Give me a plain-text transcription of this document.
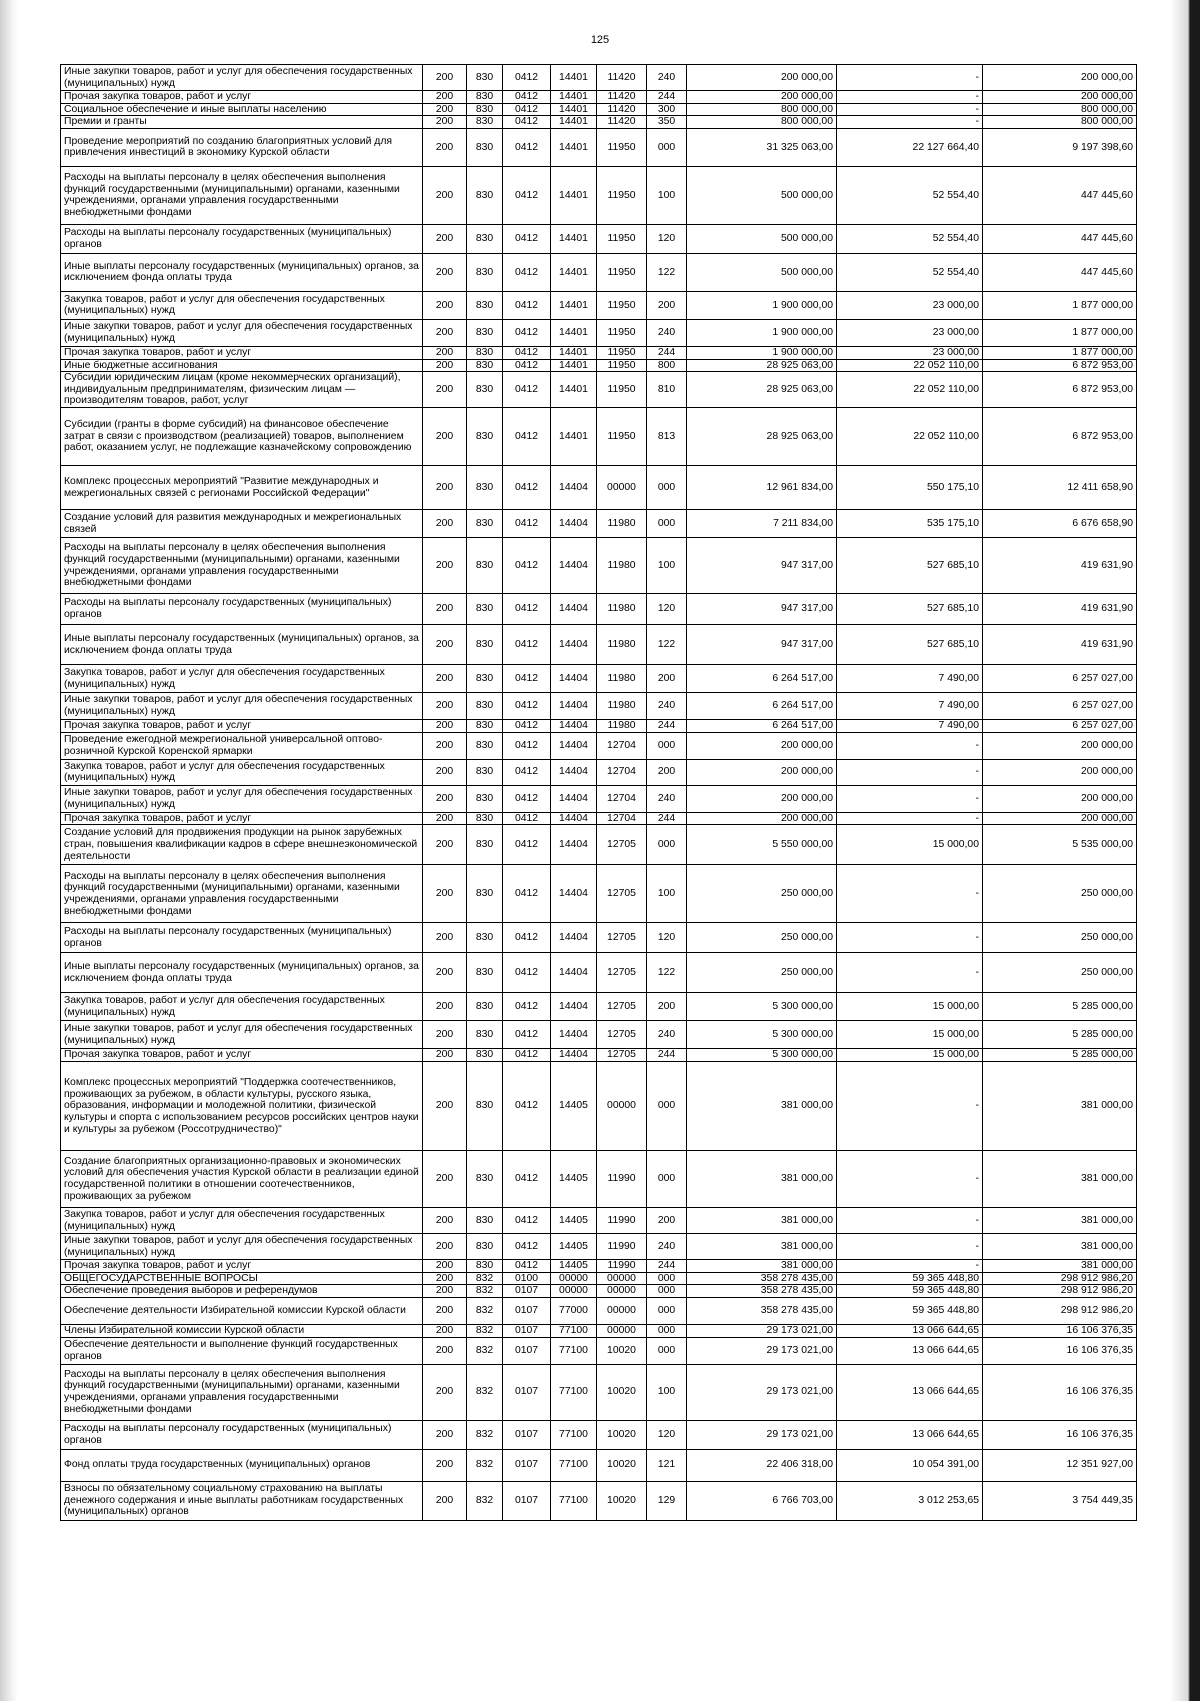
125
Иные закупки товаров, работ и услуг для обеспечения государственных (муниципальных) нужд	200	830	0412	14401	11420	240	200 000,00	-	200 000,00
Прочая закупка товаров, работ и услуг	200	830	0412	14401	11420	244	200 000,00	-	200 000,00
Социальное обеспечение и иные выплаты населению	200	830	0412	14401	11420	300	800 000,00	-	800 000,00
Премии и гранты	200	830	0412	14401	11420	350	800 000,00	-	800 000,00
Проведение мероприятий по созданию благоприятных условий для привлечения инвестиций в экономику Курской области	200	830	0412	14401	11950	000	31 325 063,00	22 127 664,40	9 197 398,60
Расходы на выплаты персоналу в целях обеспечения выполнения функций государственными (муниципальными) органами, казенными учреждениями, органами управления государственными внебюджетными фондами	200	830	0412	14401	11950	100	500 000,00	52 554,40	447 445,60
Расходы на выплаты персоналу государственных (муниципальных) органов	200	830	0412	14401	11950	120	500 000,00	52 554,40	447 445,60
Иные выплаты персоналу государственных (муниципальных) органов, за исключением фонда оплаты труда	200	830	0412	14401	11950	122	500 000,00	52 554,40	447 445,60
Закупка товаров, работ и услуг для обеспечения государственных (муниципальных) нужд	200	830	0412	14401	11950	200	1 900 000,00	23 000,00	1 877 000,00
Иные закупки товаров, работ и услуг для обеспечения государственных (муниципальных) нужд	200	830	0412	14401	11950	240	1 900 000,00	23 000,00	1 877 000,00
Прочая закупка товаров, работ и услуг	200	830	0412	14401	11950	244	1 900 000,00	23 000,00	1 877 000,00
Иные бюджетные ассигнования	200	830	0412	14401	11950	800	28 925 063,00	22 052 110,00	6 872 953,00
Субсидии юридическим лицам (кроме некоммерческих организаций), индивидуальным предпринимателям, физическим лицам — производителям товаров, работ, услуг	200	830	0412	14401	11950	810	28 925 063,00	22 052 110,00	6 872 953,00
Субсидии (гранты в форме субсидий) на финансовое обеспечение затрат в связи с производством (реализацией) товаров, выполнением работ, оказанием услуг, не подлежащие казначейскому сопровождению	200	830	0412	14401	11950	813	28 925 063,00	22 052 110,00	6 872 953,00
Комплекс процессных мероприятий "Развитие международных и межрегиональных связей с регионами Российской Федерации"	200	830	0412	14404	00000	000	12 961 834,00	550 175,10	12 411 658,90
Создание условий для развития международных и межрегиональных связей	200	830	0412	14404	11980	000	7 211 834,00	535 175,10	6 676 658,90
Расходы на выплаты персоналу в целях обеспечения выполнения функций государственными (муниципальными) органами, казенными учреждениями, органами управления государственными внебюджетными фондами	200	830	0412	14404	11980	100	947 317,00	527 685,10	419 631,90
Расходы на выплаты персоналу государственных (муниципальных) органов	200	830	0412	14404	11980	120	947 317,00	527 685,10	419 631,90
Иные выплаты персоналу государственных (муниципальных) органов, за исключением фонда оплаты труда	200	830	0412	14404	11980	122	947 317,00	527 685,10	419 631,90
Закупка товаров, работ и услуг для обеспечения государственных (муниципальных) нужд	200	830	0412	14404	11980	200	6 264 517,00	7 490,00	6 257 027,00
Иные закупки товаров, работ и услуг для обеспечения государственных (муниципальных) нужд	200	830	0412	14404	11980	240	6 264 517,00	7 490,00	6 257 027,00
Прочая закупка товаров, работ и услуг	200	830	0412	14404	11980	244	6 264 517,00	7 490,00	6 257 027,00
Проведение ежегодной межрегиональной универсальной оптово-розничной Курской Коренской ярмарки	200	830	0412	14404	12704	000	200 000,00	-	200 000,00
Закупка товаров, работ и услуг для обеспечения государственных (муниципальных) нужд	200	830	0412	14404	12704	200	200 000,00	-	200 000,00
Иные закупки товаров, работ и услуг для обеспечения государственных (муниципальных) нужд	200	830	0412	14404	12704	240	200 000,00	-	200 000,00
Прочая закупка товаров, работ и услуг	200	830	0412	14404	12704	244	200 000,00	-	200 000,00
Создание условий для продвижения продукции на рынок зарубежных стран, повышения квалификации кадров в сфере внешнеэкономической деятельности	200	830	0412	14404	12705	000	5 550 000,00	15 000,00	5 535 000,00
Расходы на выплаты персоналу в целях обеспечения выполнения функций государственными (муниципальными) органами, казенными учреждениями, органами управления государственными внебюджетными фондами	200	830	0412	14404	12705	100	250 000,00	-	250 000,00
Расходы на выплаты персоналу государственных (муниципальных) органов	200	830	0412	14404	12705	120	250 000,00	-	250 000,00
Иные выплаты персоналу государственных (муниципальных) органов, за исключением фонда оплаты труда	200	830	0412	14404	12705	122	250 000,00	-	250 000,00
Закупка товаров, работ и услуг для обеспечения государственных (муниципальных) нужд	200	830	0412	14404	12705	200	5 300 000,00	15 000,00	5 285 000,00
Иные закупки товаров, работ и услуг для обеспечения государственных (муниципальных) нужд	200	830	0412	14404	12705	240	5 300 000,00	15 000,00	5 285 000,00
Прочая закупка товаров, работ и услуг	200	830	0412	14404	12705	244	5 300 000,00	15 000,00	5 285 000,00
Комплекс процессных мероприятий "Поддержка соотечественников, проживающих за рубежом, в области культуры, русского языка, образования, информации и молодежной политики, физической культуры и спорта с использованием ресурсов российских центров науки и культуры за рубежом (Россотрудничество)"	200	830	0412	14405	00000	000	381 000,00	-	381 000,00
Создание благоприятных организационно-правовых и экономических условий для обеспечения участия Курской области в реализации единой государственной политики в отношении соотечественников, проживающих за рубежом	200	830	0412	14405	11990	000	381 000,00	-	381 000,00
Закупка товаров, работ и услуг для обеспечения государственных (муниципальных) нужд	200	830	0412	14405	11990	200	381 000,00	-	381 000,00
Иные закупки товаров, работ и услуг для обеспечения государственных (муниципальных) нужд	200	830	0412	14405	11990	240	381 000,00	-	381 000,00
Прочая закупка товаров, работ и услуг	200	830	0412	14405	11990	244	381 000,00	-	381 000,00
ОБЩЕГОСУДАРСТВЕННЫЕ ВОПРОСЫ	200	832	0100	00000	00000	000	358 278 435,00	59 365 448,80	298 912 986,20
Обеспечение проведения выборов и референдумов	200	832	0107	00000	00000	000	358 278 435,00	59 365 448,80	298 912 986,20
Обеспечение деятельности Избирательной комиссии Курской области	200	832	0107	77000	00000	000	358 278 435,00	59 365 448,80	298 912 986,20
Члены Избирательной комиссии Курской области	200	832	0107	77100	00000	000	29 173 021,00	13 066 644,65	16 106 376,35
Обеспечение деятельности и выполнение функций государственных органов	200	832	0107	77100	10020	000	29 173 021,00	13 066 644,65	16 106 376,35
Расходы на выплаты персоналу в целях обеспечения выполнения функций государственными (муниципальными) органами, казенными учреждениями, органами управления государственными внебюджетными фондами	200	832	0107	77100	10020	100	29 173 021,00	13 066 644,65	16 106 376,35
Расходы на выплаты персоналу государственных (муниципальных) органов	200	832	0107	77100	10020	120	29 173 021,00	13 066 644,65	16 106 376,35
Фонд оплаты труда государственных (муниципальных) органов	200	832	0107	77100	10020	121	22 406 318,00	10 054 391,00	12 351 927,00
Взносы по обязательному социальному страхованию на выплаты денежного содержания и иные выплаты работникам государственных (муниципальных) органов	200	832	0107	77100	10020	129	6 766 703,00	3 012 253,65	3 754 449,35
